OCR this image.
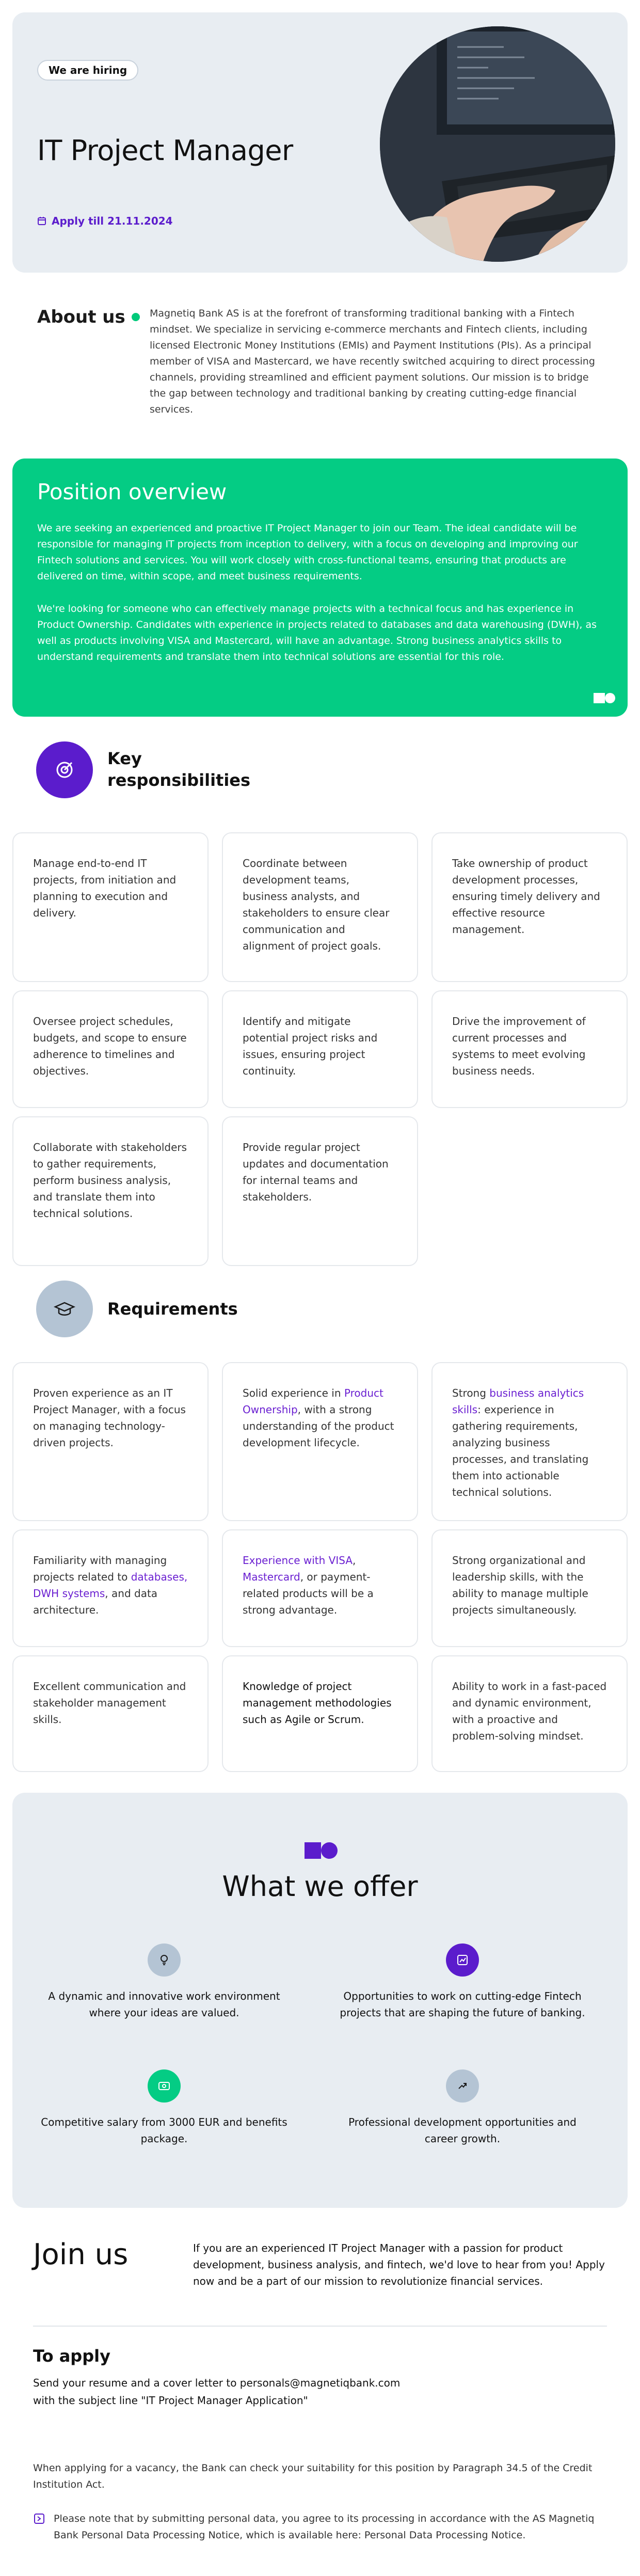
We are hiring
IT Project Manager
Apply till 21.11.2024
About us Magnetiq Bank AS is at the forefront of transforming traditional banking with a Fintech mindset. We specialize in servicing e-commerce merchants and Fintech clients, including licensed Electronic Money Institutions (EMIs) and Payment Institutions (PIs). As a principal member of VISA and Mastercard, we have recently switched acquiring to direct processing channels, providing streamlined and efficient payment solutions. Our mission is to bridge the gap between technology and traditional banking by creating cutting-edge financial services.

Position overview

We are seeking an experienced and proactive IT Project Manager to join our Team. The ideal candidate will be responsible for managing IT projects from inception to delivery, with a focus on developing and improving our Fintech solutions and services. You will work closely with cross-functional teams, ensuring that products are delivered on time, within scope, and meet business requirements.

We're looking for someone who can effectively manage projects with a technical focus and has experience in Product Ownership. Candidates with experience in projects related to databases and data warehousing (DWH), as well as products involving VISA and Mastercard, will have an advantage. Strong business analytics skills to understand requirements and translate them into technical solutions are essential for this role.

Key
responsibilities
Manage end-to-end IT projects, from initiation and planning to execution and delivery.
Coordinate between development teams, business analysts, and stakeholders to ensure clear communication and alignment of project goals.
Take ownership of product development processes, ensuring timely delivery and effective resource management.
Oversee project schedules, budgets, and scope to ensure adherence to timelines and objectives.
Identify and mitigate potential project risks and issues, ensuring project continuity.
Drive the improvement of current processes and systems to meet evolving business needs.
Collaborate with stakeholders to gather requirements, perform business analysis, and translate them into technical solutions.
Provide regular project updates and documentation for internal teams and stakeholders.
Requirements
Proven experience as an IT Project Manager, with a focus on managing technology-driven projects.
Solid experience in Product Ownership, with a strong understanding of the product development lifecycle.
Strong business analytics skills: experience in gathering requirements, analyzing business processes, and translating them into actionable technical solutions.
Familiarity with managing projects related to databases, DWH systems, and data architecture.
Experience with VISA, Mastercard, or payment-related products will be a strong advantage.
Strong organizational and leadership skills, with the ability to manage multiple projects simultaneously.
Excellent communication and stakeholder management skills.
Knowledge of project management methodologies such as Agile or Scrum.
Ability to work in a fast-paced and dynamic environment, with a proactive and problem-solving mindset.
What we offer

A dynamic and innovative work environment where your ideas are valued.

Opportunities to work on cutting-edge Fintech projects that are shaping the future of banking.

Competitive salary from 3000 EUR and benefits package.

Professional development opportunities and career growth.

Join us	If you are an experienced IT Project Manager with a passion for product development, business analysis, and fintech, we'd love to hear from you! Apply now and be a part of our mission to revolutionize financial services.

To apply

Send your resume and a cover letter to personals@magnetiqbank.com with the subject line "IT Project Manager Application"

When applying for a vacancy, the Bank can check your suitability for this position by Paragraph 34.5 of the Credit Institution Act.

Please note that by submitting personal data, you agree to its processing in accordance with the AS Magnetiq Bank Personal Data Processing Notice, which is available here: Personal Data Processing Notice.
